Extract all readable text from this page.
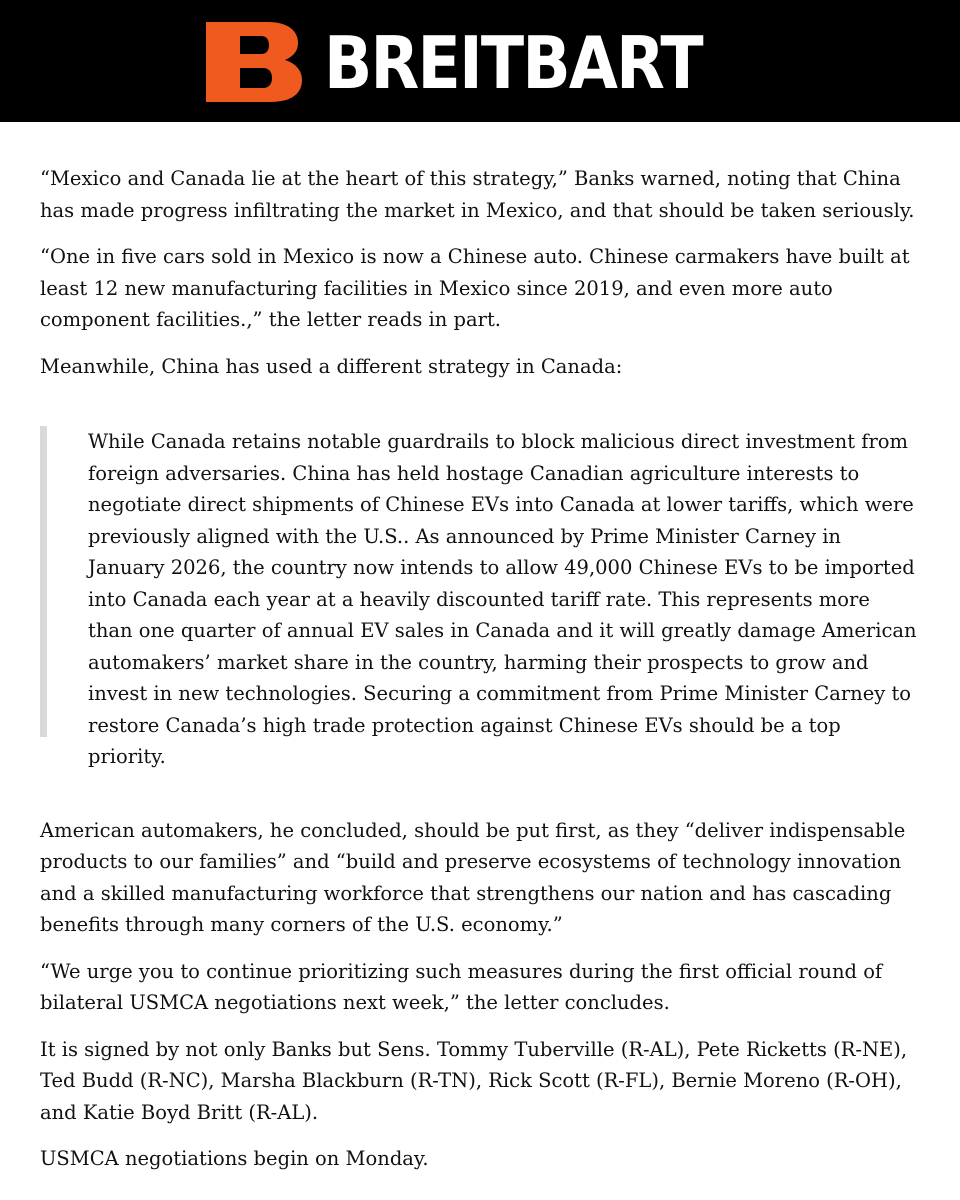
BREITBART

“Mexico and Canada lie at the heart of this strategy,” Banks warned, noting that China has made progress infiltrating the market in Mexico, and that should be taken seriously.

“One in five cars sold in Mexico is now a Chinese auto. Chinese carmakers have built at least 12 new manufacturing facilities in Mexico since 2019, and even more auto component facilities.,” the letter reads in part.

Meanwhile, China has used a different strategy in Canada:

While Canada retains notable guardrails to block malicious direct investment from foreign adversaries. China has held hostage Canadian agriculture interests to negotiate direct shipments of Chinese EVs into Canada at lower tariffs, which were previously aligned with the U.S.. As announced by Prime Minister Carney in January 2026, the country now intends to allow 49,000 Chinese EVs to be imported into Canada each year at a heavily discounted tariff rate. This represents more than one quarter of annual EV sales in Canada and it will greatly damage American automakers’ market share in the country, harming their prospects to grow and invest in new technologies. Securing a commitment from Prime Minister Carney to restore Canada’s high trade protection against Chinese EVs should be a top priority.

American automakers, he concluded, should be put first, as they “deliver indispensable products to our families” and “build and preserve ecosystems of technology innovation and a skilled manufacturing workforce that strengthens our nation and has cascading benefits through many corners of the U.S. economy.”

“We urge you to continue prioritizing such measures during the first official round of bilateral USMCA negotiations next week,” the letter concludes.

It is signed by not only Banks but Sens. Tommy Tuberville (R-AL), Pete Ricketts (R-NE), Ted Budd (R-NC), Marsha Blackburn (R-TN), Rick Scott (R-FL), Bernie Moreno (R-OH), and Katie Boyd Britt (R-AL).

USMCA negotiations begin on Monday.
